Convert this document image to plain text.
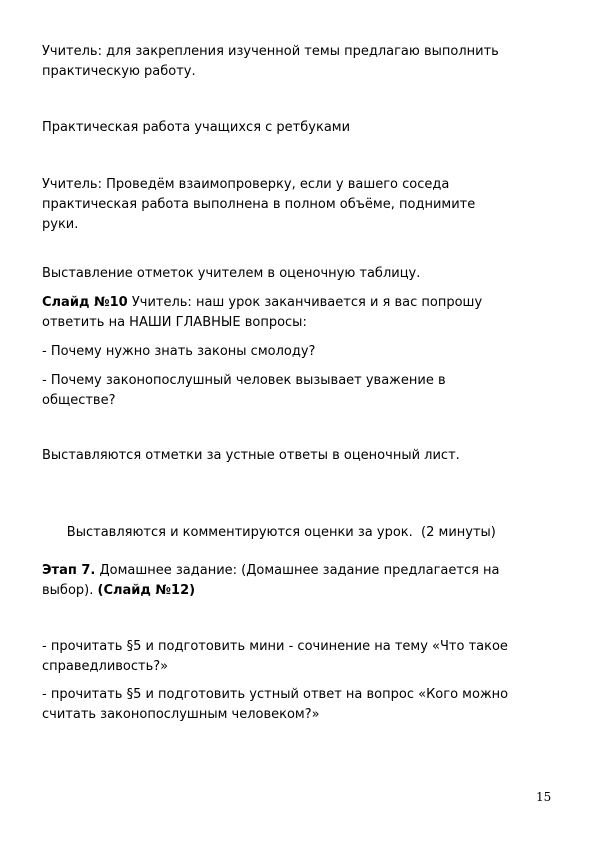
Учитель: для закрепления изученной темы предлагаю выполнить
практическую работу.

Практическая работа учащихся с ретбуками

Учитель: Проведём взаимопроверку, если у вашего соседа
практическая работа выполнена в полном объёме, поднимите
руки.

Выставление отметок учителем в оценочную таблицу.

Слайд №10 Учитель: наш урок заканчивается и я вас попрошу
ответить на НАШИ ГЛАВНЫЕ вопросы:

- Почему нужно знать законы смолоду?

- Почему законопослушный человек вызывает уважение в
обществе?

Выставляются отметки за устные ответы в оценочный лист.

Выставляются и комментируются оценки за урок.  (2 минуты)

Этап 7. Домашнее задание: (Домашнее задание предлагается на
выбор). (Слайд №12)

- прочитать §5 и подготовить мини - сочинение на тему «Что такое
справедливость?»

- прочитать §5 и подготовить устный ответ на вопрос «Кого можно
считать законопослушным человеком?»

15
